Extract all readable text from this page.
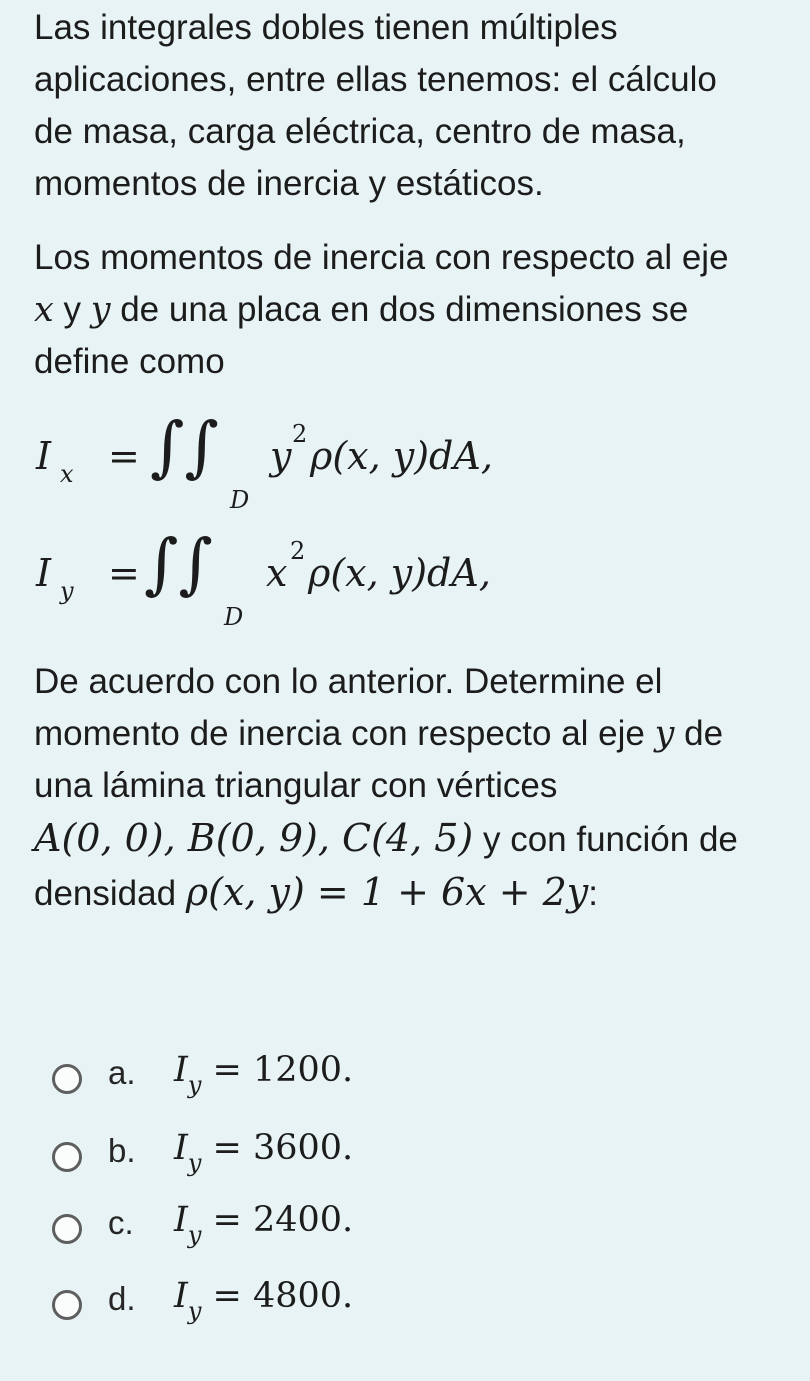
Las integrales dobles tienen múltiples
aplicaciones, entre ellas tenemos: el cálculo
de masa, carga eléctrica, centro de masa,
momentos de inercia y estáticos.

Los momentos de inercia con respecto al eje
x y y de una placa en dos dimensiones se
define como

I x = ∫∫
D
y 2 ρ(x, y)dA,
I y = ∫∫
D
x 2 ρ(x, y)dA,

De acuerdo con lo anterior. Determine el
momento de inercia con respecto al eje y de
una lámina triangular con vértices
A(0, 0), B(0, 9), C(4, 5) y con función de
densidad ρ(x, y) = 1 + 6x + 2y:

a. $I_y = 1200$.
b. $I_y = 3600$.
c. $I_y = 2400$.
d. $I_y = 4800$.
